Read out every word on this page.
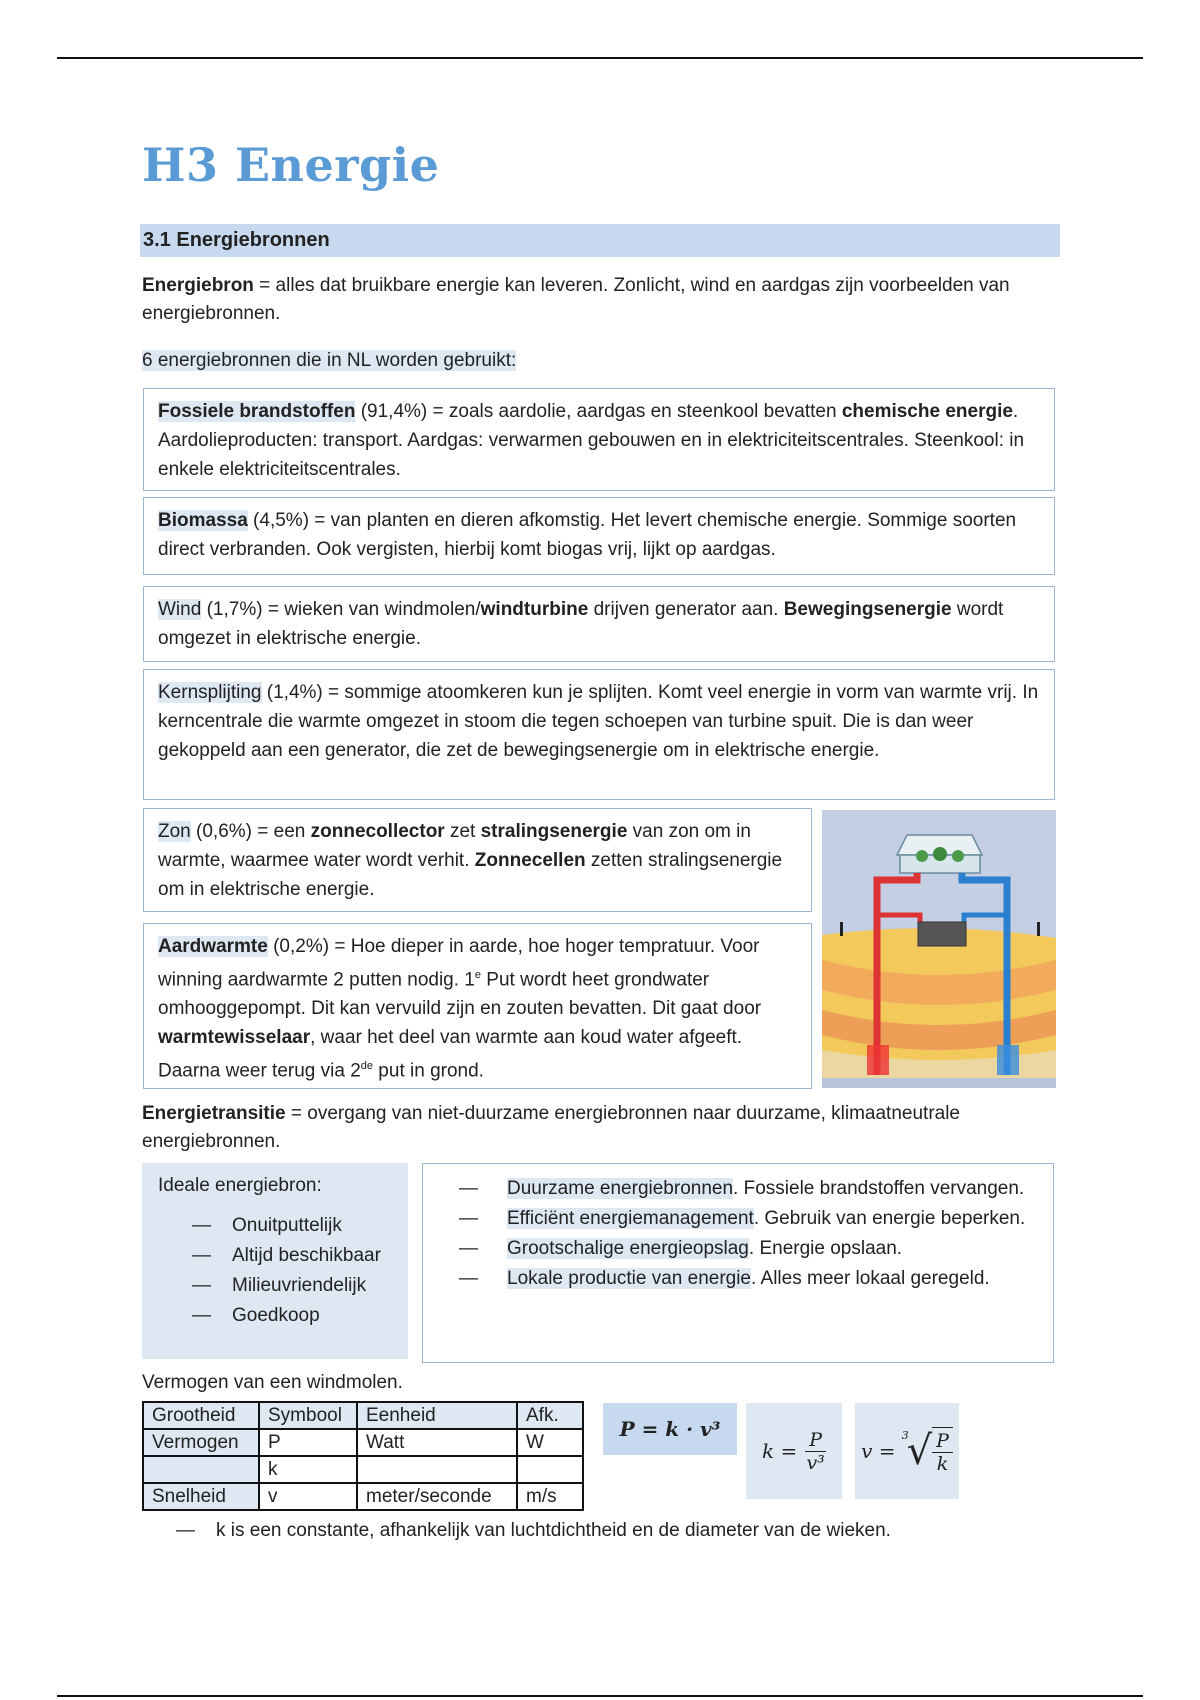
H3 Energie
3.1 Energiebronnen
Energiebron = alles dat bruikbare energie kan leveren. Zonlicht, wind en aardgas zijn voorbeelden van energiebronnen.
6 energiebronnen die in NL worden gebruikt:
Fossiele brandstoffen (91,4%) = zoals aardolie, aardgas en steenkool bevatten chemische energie. Aardolieproducten: transport. Aardgas: verwarmen gebouwen en in elektriciteitscentrales. Steenkool: in enkele elektriciteitscentrales.
Biomassa (4,5%) = van planten en dieren afkomstig. Het levert chemische energie. Sommige soorten direct verbranden. Ook vergisten, hierbij komt biogas vrij, lijkt op aardgas.
Wind (1,7%) = wieken van windmolen/windturbine drijven generator aan. Bewegingsenergie wordt omgezet in elektrische energie.
Kernsplijting (1,4%) = sommige atoomkeren kun je splijten. Komt veel energie in vorm van warmte vrij. In kerncentrale die warmte omgezet in stoom die tegen schoepen van turbine spuit. Die is dan weer gekoppeld aan een generator, die zet de bewegingsenergie om in elektrische energie.
Zon (0,6%) = een zonnecollector zet stralingsenergie van zon om in warmte, waarmee water wordt verhit. Zonnecellen zetten stralingsenergie om in elektrische energie.
Aardwarmte (0,2%) = Hoe dieper in aarde, hoe hoger tempratuur. Voor winning aardwarmte 2 putten nodig. 1e Put wordt heet grondwater omhooggepompt. Dit kan vervuild zijn en zouten bevatten. Dit gaat door warmtewisselaar, waar het deel van warmte aan koud water afgeeft. Daarna weer terug via 2de put in grond.
Energietransitie = overgang van niet-duurzame energiebronnen naar duurzame, klimaatneutrale energiebronnen.
Ideale energiebron:
— Onuitputtelijk
— Altijd beschikbaar
— Milieuvriendelijk
— Goedkoop
— Duurzame energiebronnen. Fossiele brandstoffen vervangen.
— Efficiënt energiemanagement. Gebruik van energie beperken.
— Grootschalige energieopslag. Energie opslaan.
— Lokale productie van energie. Alles meer lokaal geregeld.
Vermogen van een windmolen.
Grootheid	Symbool	Eenheid	Afk.
Vermogen	P	Watt	W
	k		
Snelheid	v	meter/seconde	m/s
P = k · v³
$k = \frac{P}{\text{v³}}$ v =
3
√ $\frac{P}{k}$
— k is een constante, afhankelijk van luchtdichtheid en de diameter van de wieken.
